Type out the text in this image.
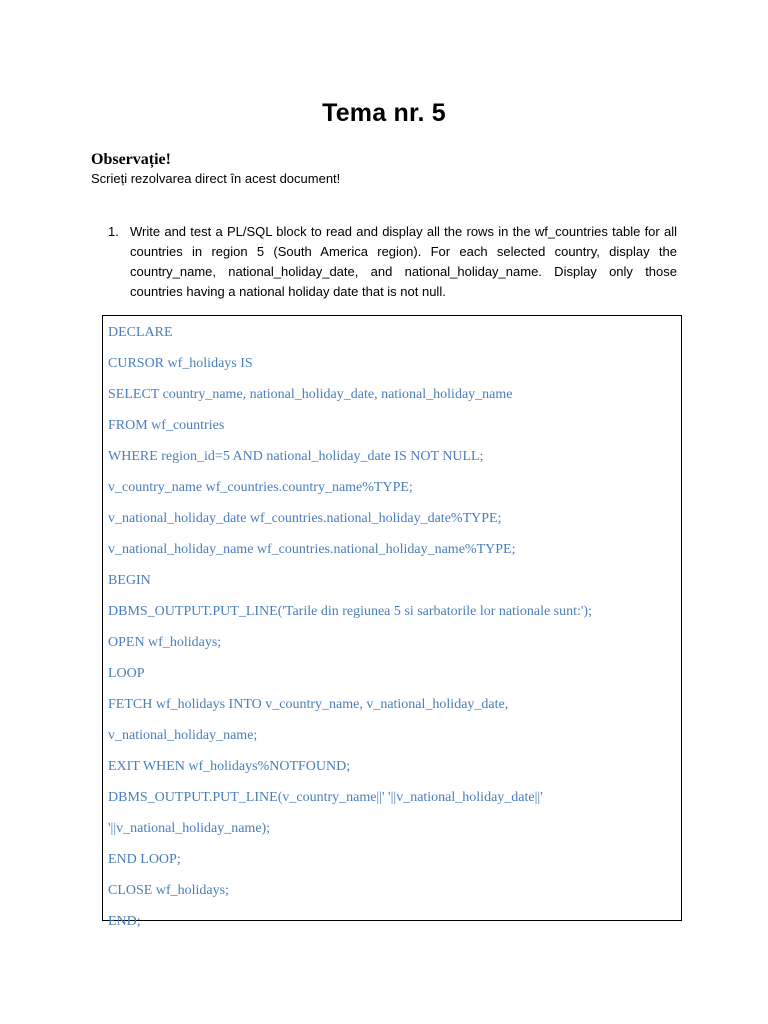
Tema nr. 5
Observație!
Scrieți rezolvarea direct în acest document!
1. Write and test a PL/SQL block to read and display all the rows in the wf_countries table for all countries in region 5 (South America region). For each selected country, display the country_name, national_holiday_date, and national_holiday_name. Display only those countries having a national holiday date that is not null.
DECLARE
CURSOR wf_holidays IS
SELECT country_name, national_holiday_date, national_holiday_name
FROM wf_countries
WHERE region_id=5 AND national_holiday_date IS NOT NULL;
v_country_name wf_countries.country_name%TYPE;
v_national_holiday_date wf_countries.national_holiday_date%TYPE;
v_national_holiday_name wf_countries.national_holiday_name%TYPE;
BEGIN
DBMS_OUTPUT.PUT_LINE('Tarile din regiunea 5 si sarbatorile lor nationale sunt:');
OPEN wf_holidays;
LOOP
FETCH wf_holidays INTO v_country_name, v_national_holiday_date,
v_national_holiday_name;
EXIT WHEN wf_holidays%NOTFOUND;
DBMS_OUTPUT.PUT_LINE(v_country_name||' '||v_national_holiday_date||'
'||v_national_holiday_name);
END LOOP;
CLOSE wf_holidays;
END;
